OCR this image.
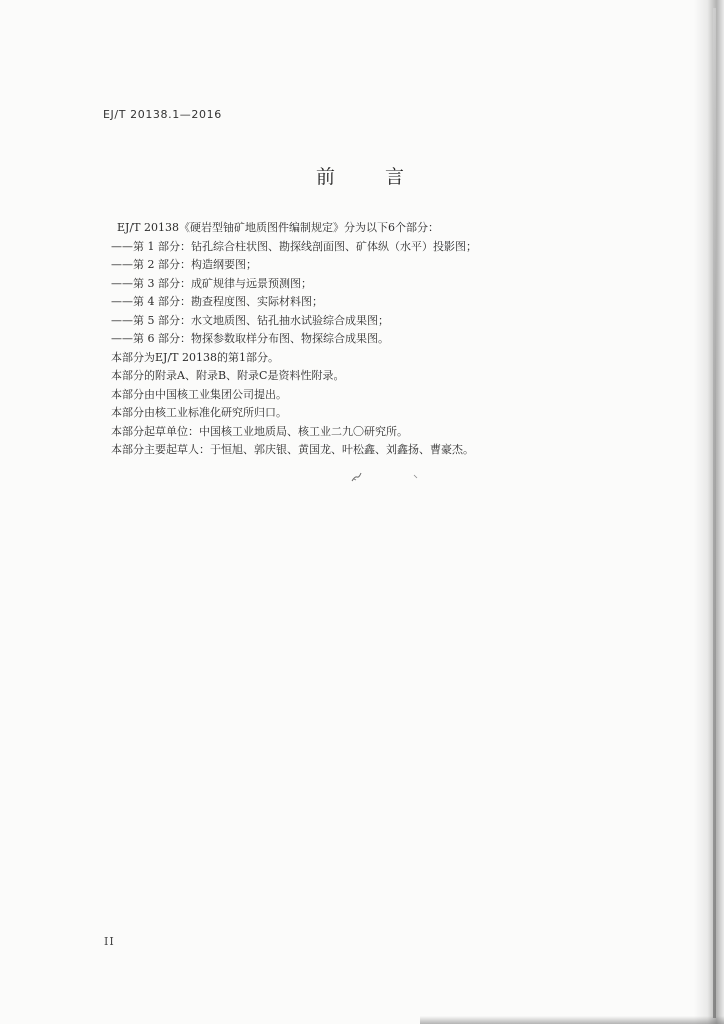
EJ/T 20138.1—2016
前 言
EJ/T 20138《硬岩型铀矿地质图件编制规定》分为以下6个部分：
——第 1 部分：钻孔综合柱状图、勘探线剖面图、矿体纵（水平）投影图；
——第 2 部分：构造纲要图；
——第 3 部分：成矿规律与远景预测图；
——第 4 部分：勘查程度图、实际材料图；
——第 5 部分：水文地质图、钻孔抽水试验综合成果图；
——第 6 部分：物探参数取样分布图、物探综合成果图。
本部分为EJ/T 20138的第1部分。
本部分的附录A、附录B、附录C是资料性附录。
本部分由中国核工业集团公司提出。
本部分由核工业标准化研究所归口。
本部分起草单位：中国核工业地质局、核工业二九〇研究所。
本部分主要起草人：于恒旭、郭庆银、黄国龙、叶松鑫、刘鑫扬、曹豪杰。
II
